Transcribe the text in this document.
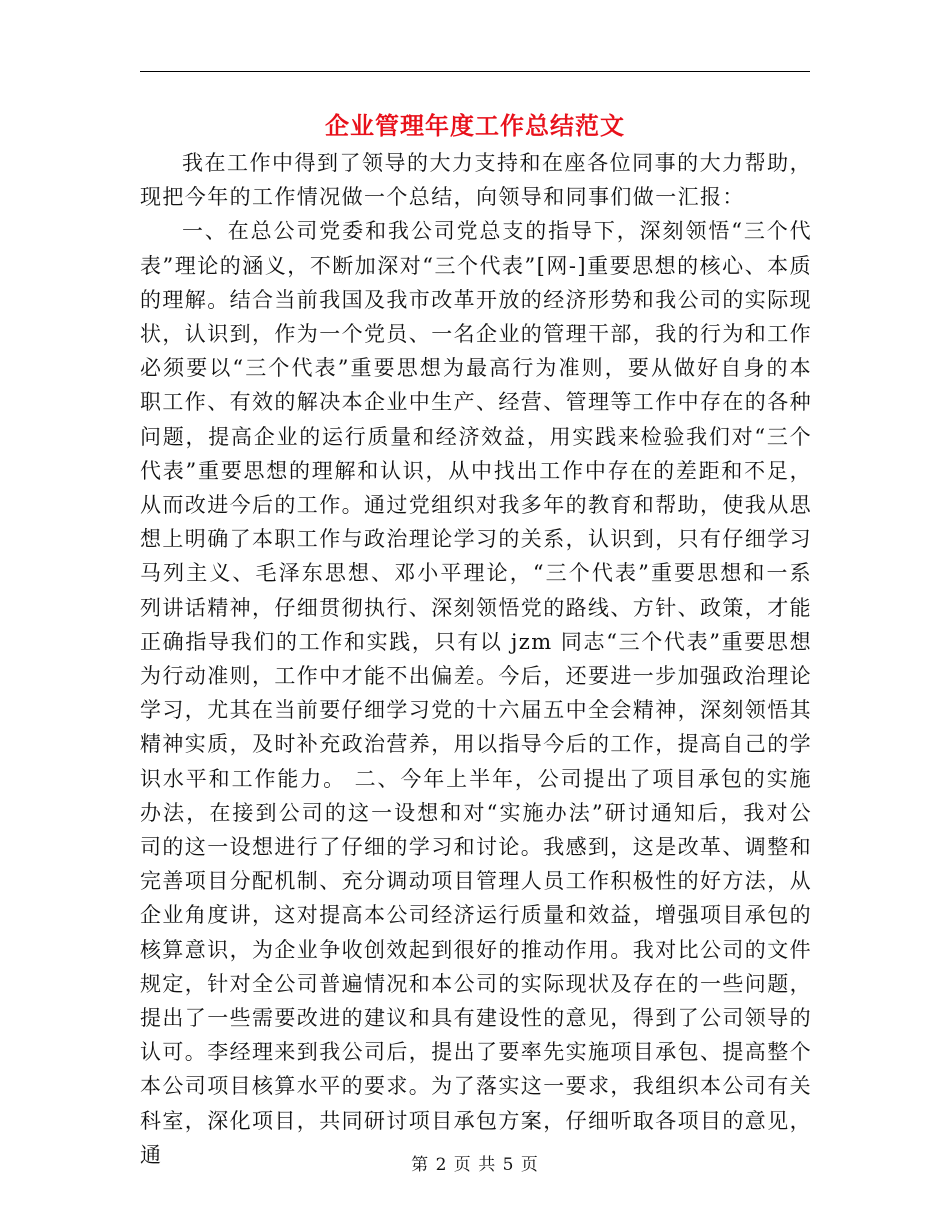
企业管理年度工作总结范文

我在工作中得到了领导的大力支持和在座各位同事的大力帮助，现把今年的工作情况做一个总结，向领导和同事们做一汇报：

一、在总公司党委和我公司党总支的指导下，深刻领悟“三个代表”理论的涵义，不断加深对“三个代表”[网-]重要思想的核心、本质的理解。结合当前我国及我市改革开放的经济形势和我公司的实际现状，认识到，作为一个党员、一名企业的管理干部，我的行为和工作必须要以“三个代表”重要思想为最高行为准则，要从做好自身的本职工作、有效的解决本企业中生产、经营、管理等工作中存在的各种问题，提高企业的运行质量和经济效益，用实践来检验我们对“三个代表”重要思想的理解和认识，从中找出工作中存在的差距和不足，从而改进今后的工作。通过党组织对我多年的教育和帮助，使我从思想上明确了本职工作与政治理论学习的关系，认识到，只有仔细学习马列主义、毛泽东思想、邓小平理论，“三个代表”重要思想和一系列讲话精神，仔细贯彻执行、深刻领悟党的路线、方针、政策，才能正确指导我们的工作和实践，只有以 jzm 同志“三个代表”重要思想为行动准则，工作中才能不出偏差。今后，还要进一步加强政治理论学习，尤其在当前要仔细学习党的十六届五中全会精神，深刻领悟其精神实质，及时补充政治营养，用以指导今后的工作，提高自己的学识水平和工作能力。 二、今年上半年，公司提出了项目承包的实施办法，在接到公司的这一设想和对“实施办法”研讨通知后，我对公司的这一设想进行了仔细的学习和讨论。我感到，这是改革、调整和完善项目分配机制、充分调动项目管理人员工作积极性的好方法，从企业角度讲，这对提高本公司经济运行质量和效益，增强项目承包的核算意识，为企业争收创效起到很好的推动作用。我对比公司的文件规定，针对全公司普遍情况和本公司的实际现状及存在的一些问题，提出了一些需要改进的建议和具有建设性的意见，得到了公司领导的认可。李经理来到我公司后，提出了要率先实施项目承包、提高整个本公司项目核算水平的要求。为了落实这一要求，我组织本公司有关科室，深化项目，共同研讨项目承包方案，仔细听取各项目的意见，通	第 2 页 共 5 页
